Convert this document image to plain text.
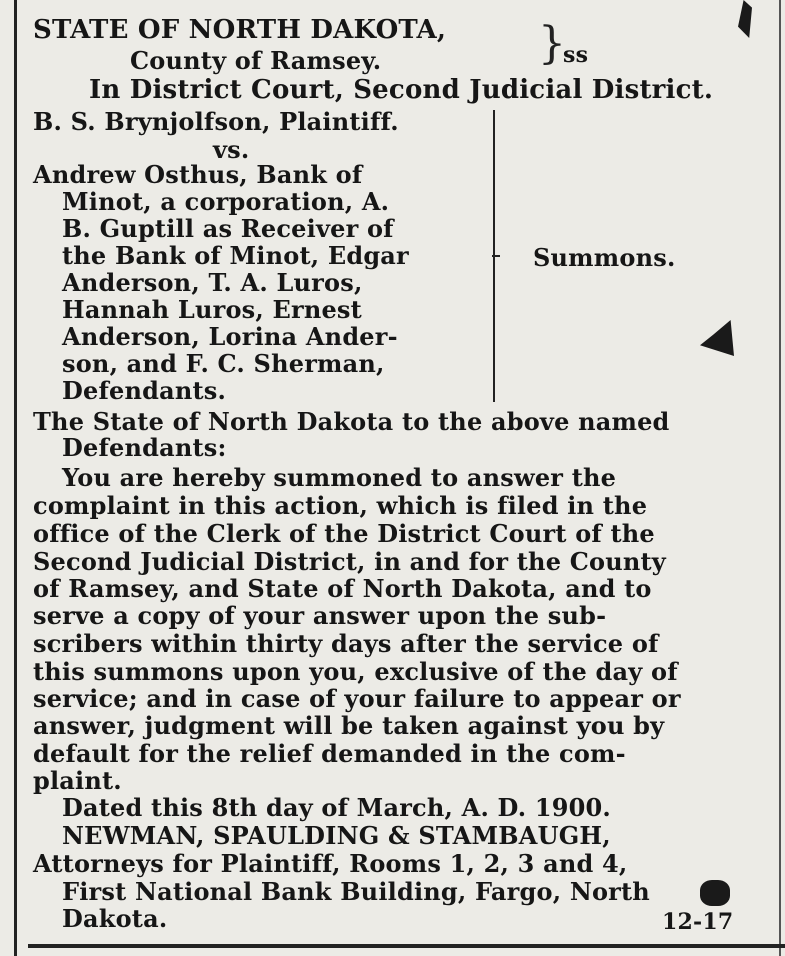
STATE OF NORTH DAKOTA,
County of Ramsey.	}
ss
In District Court, Second Judicial District.
B. S. Brynjolfson, Plaintiff.
vs.
Andrew Osthus, Bank of
Minot, a corporation, A.
B. Guptill as Receiver of
the Bank of Minot, Edgar
Anderson, T. A. Luros,
Hannah Luros, Ernest
Anderson, Lorina Ander-
son, and F. C. Sherman,
Defendants.
Summons.
The State of North Dakota to the above named
Defendants:
You are hereby summoned to answer the
complaint in this action, which is filed in the
office of the Clerk of the District Court of the
Second Judicial District, in and for the County
of Ramsey, and State of North Dakota, and to
serve a copy of your answer upon the sub-
scribers within thirty days after the service of
this summons upon you, exclusive of the day of
service; and in case of your failure to appear or
answer, judgment will be taken against you by
default for the relief demanded in the com-
plaint.
Dated this 8th day of March, A. D. 1900.
NEWMAN, SPAULDING & STAMBAUGH,
Attorneys for Plaintiff, Rooms 1, 2, 3 and 4,
First National Bank Building, Fargo, North
Dakota.	12-17
